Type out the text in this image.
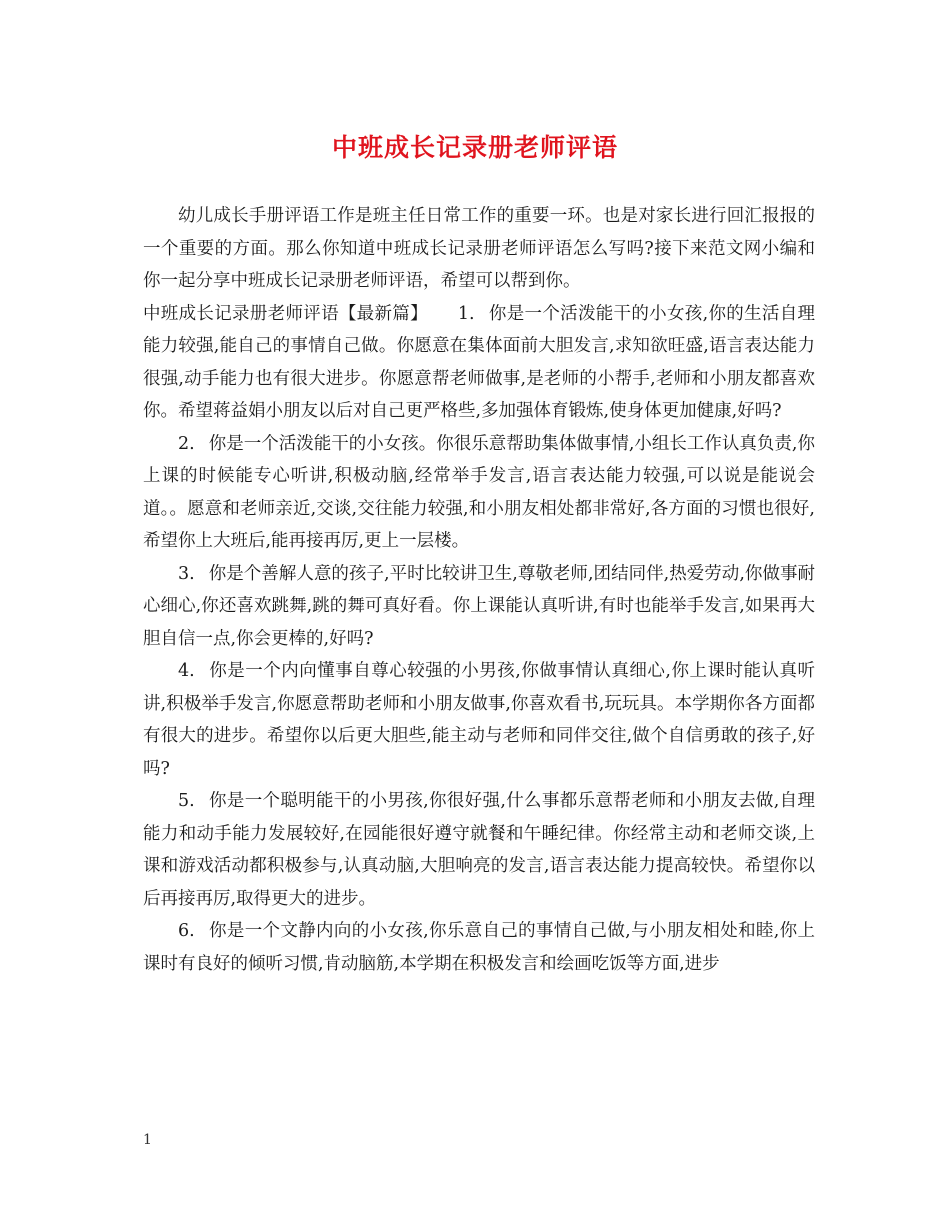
中班成长记录册老师评语

幼儿成长手册评语工作是班主任日常工作的重要一环。也是对家长进行回汇报报的一个重要的方面。那么你知道中班成长记录册老师评语怎么写吗?接下来范文网小编和你一起分享中班成长记录册老师评语，希望可以帮到你。

中班成长记录册老师评语【最新篇】 1. 你是一个活泼能干的小女孩,你的生活自理能力较强,能自己的事情自己做。你愿意在集体面前大胆发言,求知欲旺盛,语言表达能力很强,动手能力也有很大进步。你愿意帮老师做事,是老师的小帮手,老师和小朋友都喜欢你。希望蒋益娟小朋友以后对自己更严格些,多加强体育锻炼,使身体更加健康,好吗?

2. 你是一个活泼能干的小女孩。你很乐意帮助集体做事情,小组长工作认真负责,你上课的时候能专心听讲,积极动脑,经常举手发言,语言表达能力较强,可以说是能说会道。。愿意和老师亲近,交谈,交往能力较强,和小朋友相处都非常好,各方面的习惯也很好,希望你上大班后,能再接再厉,更上一层楼。

3. 你是个善解人意的孩子,平时比较讲卫生,尊敬老师,团结同伴,热爱劳动,你做事耐心细心,你还喜欢跳舞,跳的舞可真好看。你上课能认真听讲,有时也能举手发言,如果再大胆自信一点,你会更棒的,好吗?

4. 你是一个内向懂事自尊心较强的小男孩,你做事情认真细心,你上课时能认真听讲,积极举手发言,你愿意帮助老师和小朋友做事,你喜欢看书,玩玩具。本学期你各方面都有很大的进步。希望你以后更大胆些,能主动与老师和同伴交往,做个自信勇敢的孩子,好吗?

5. 你是一个聪明能干的小男孩,你很好强,什么事都乐意帮老师和小朋友去做,自理能力和动手能力发展较好,在园能很好遵守就餐和午睡纪律。你经常主动和老师交谈,上课和游戏活动都积极参与,认真动脑,大胆响亮的发言,语言表达能力提高较快。希望你以后再接再厉,取得更大的进步。

6. 你是一个文静内向的小女孩,你乐意自己的事情自己做,与小朋友相处和睦,你上课时有良好的倾听习惯,肯动脑筋,本学期在积极发言和绘画吃饭等方面,进步

1
